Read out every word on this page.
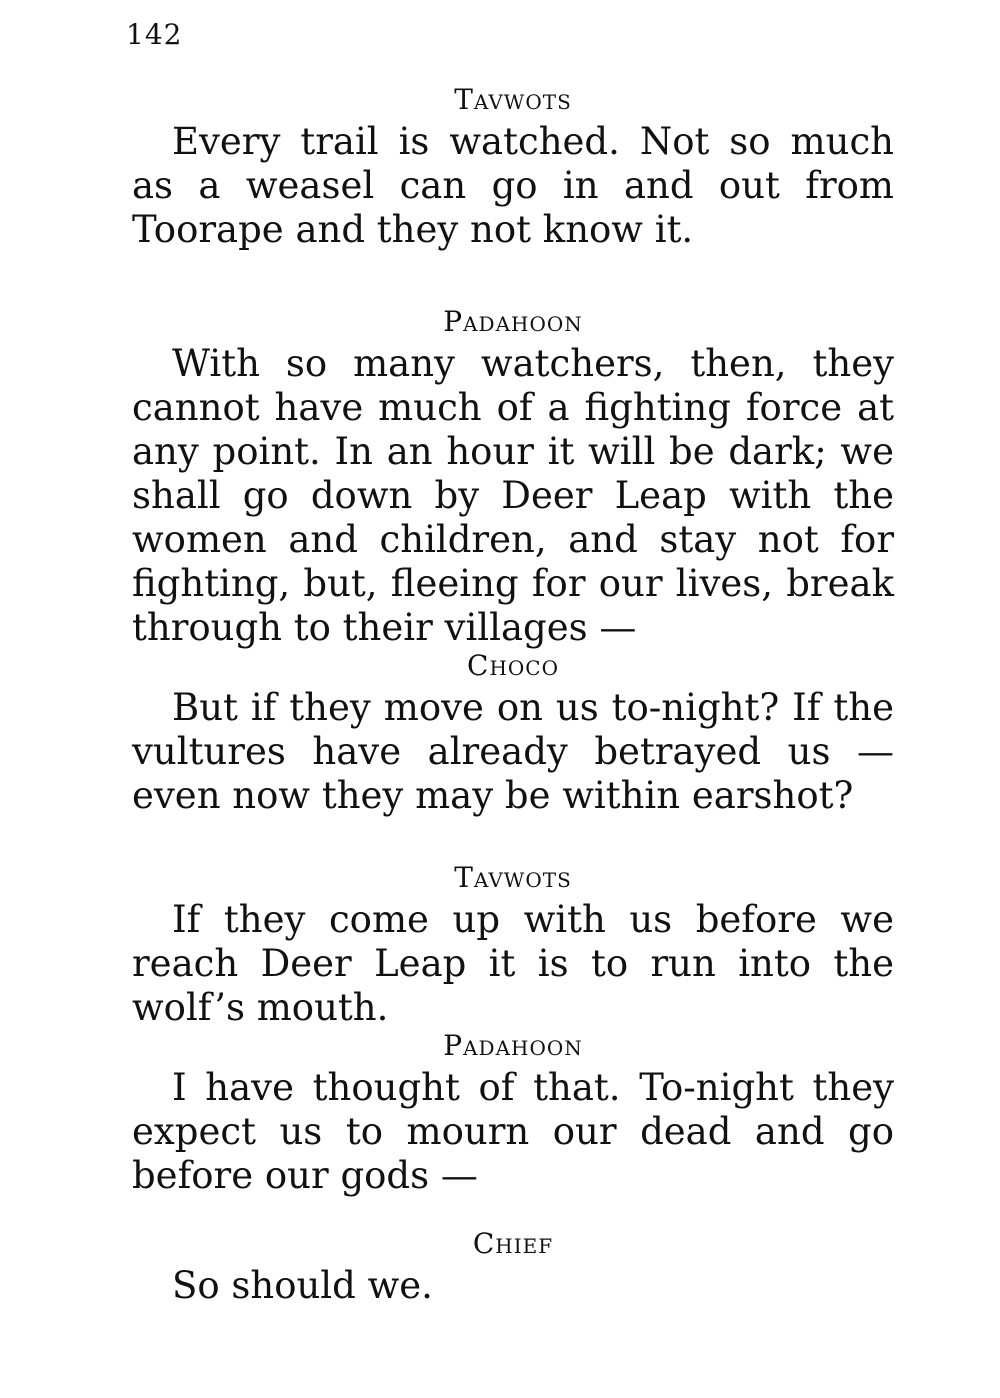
142

Tavwots

Every trail is watched. Not so much as a weasel can go in and out from Toorape and they not know it.

Padahoon

With so many watchers, then, they cannot have much of a fighting force at any point. In an hour it will be dark; we shall go down by Deer Leap with the women and children, and stay not for fighting, but, fleeing for our lives, break through to their villages —

Choco

But if they move on us to-night? If the vultures have already betrayed us — even now they may be within earshot?

Tavwots

If they come up with us before we reach Deer Leap it is to run into the wolf’s mouth.

Padahoon

I have thought of that. To-night they expect us to mourn our dead and go before our gods —

Chief

So should we.
